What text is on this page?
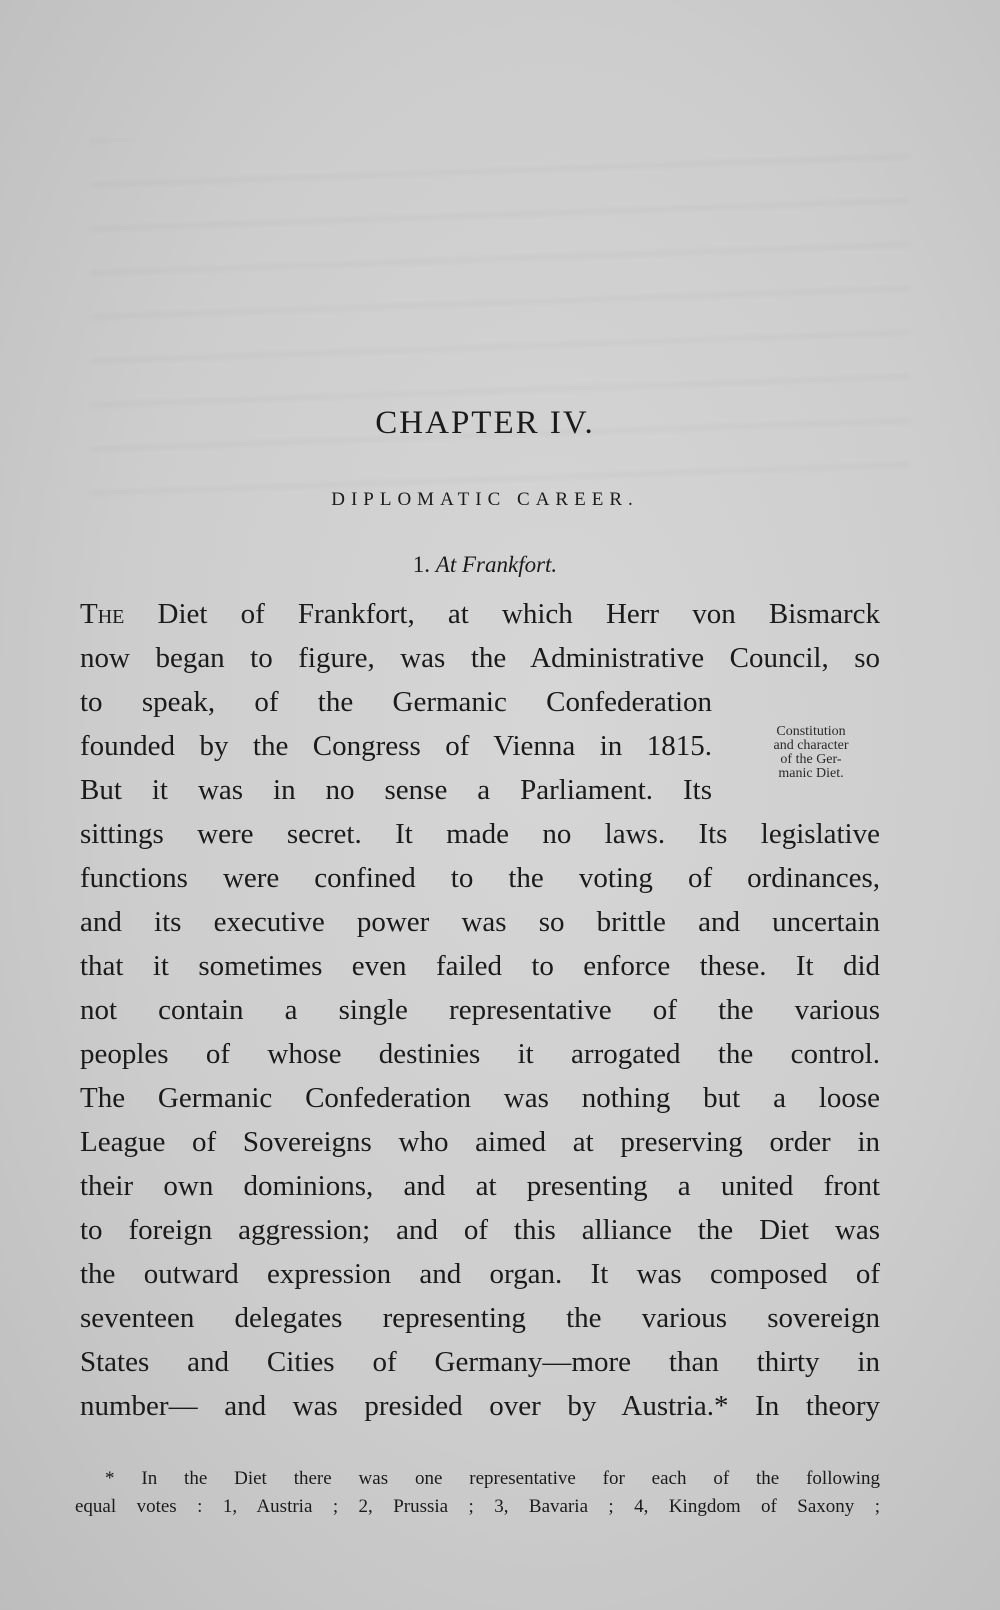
CHAPTER IV.
DIPLOMATIC CAREER.
1. At Frankfort.
The Diet of Frankfort, at which Herr von Bismarck
now began to figure, was the Administrative Council, so
to speak, of the Germanic Confederation
founded by the Congress of Vienna in 1815.
But it was in no sense a Parliament. Its
sittings were secret. It made no laws. Its legislative
functions were confined to the voting of ordinances,
and its executive power was so brittle and uncertain
that it sometimes even failed to enforce these. It did
not contain a single representative of the various
peoples of whose destinies it arrogated the control.
The Germanic Confederation was nothing but a loose
League of Sovereigns who aimed at preserving order in
their own dominions, and at presenting a united front
to foreign aggression; and of this alliance the Diet was
the outward expression and organ. It was composed of
seventeen delegates representing the various sovereign
States and Cities of Germany—more than thirty in
number— and was presided over by Austria.* In theory
Constitution
and character
of the Ger-
manic Diet.
* In the Diet there was one representative for each of the following
equal votes : 1, Austria ; 2, Prussia ; 3, Bavaria ; 4, Kingdom of Saxony ;
